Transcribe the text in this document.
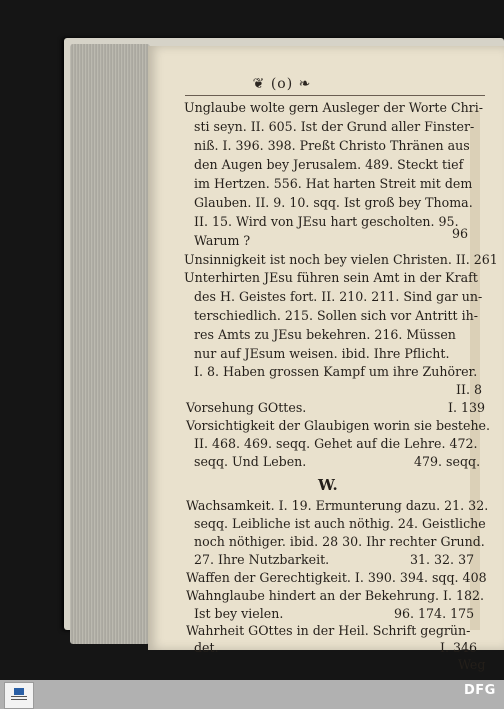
❦ (o) ❧
Unglaube wolte gern Ausleger der Worte Chri-
sti seyn. II. 605. Ist der Grund aller Finster-
niß. I. 396. 398. Preßt Christo Thränen aus
den Augen bey Jerusalem. 489. Steckt tief
im Hertzen. 556. Hat harten Streit mit dem
Glauben. II. 9. 10. sqq. Ist groß bey Thoma.
II. 15. Wird von JEsu hart gescholten. 95.
Warum ?	96
Unsinnigkeit ist noch bey vielen Christen. II. 261
Unterhirten JEsu führen sein Amt in der Kraft
des H. Geistes fort. II. 210. 211. Sind gar un-
terschiedlich. 215. Sollen sich vor Antritt ih-
res Amts zu JEsu bekehren. 216. Müssen
nur auf JEsum weisen. ibid. Ihre Pflicht.
I. 8. Haben grossen Kampf um ihre Zuhörer.
II. 8
Vorsehung GOttes.	I. 139
Vorsichtigkeit der Glaubigen worin sie bestehe.
II. 468. 469. seqq. Gehet auf die Lehre. 472.
seqq. Und Leben.	479. seqq.
W.
Wachsamkeit. I. 19. Ermunterung dazu. 21. 32.
seqq. Leibliche ist auch nöthig. 24. Geistliche
noch nöthiger. ibid. 28 30. Ihr rechter Grund.
27. Ihre Nutzbarkeit.	31. 32. 37
Waffen der Gerechtigkeit. I. 390. 394. sqq. 408
Wahnglaube hindert an der Bekehrung. I. 182.
Ist bey vielen.	96. 174. 175
Wahrheit GOttes in der Heil. Schrift gegrün-
det.	I. 346
Weg
DFG
